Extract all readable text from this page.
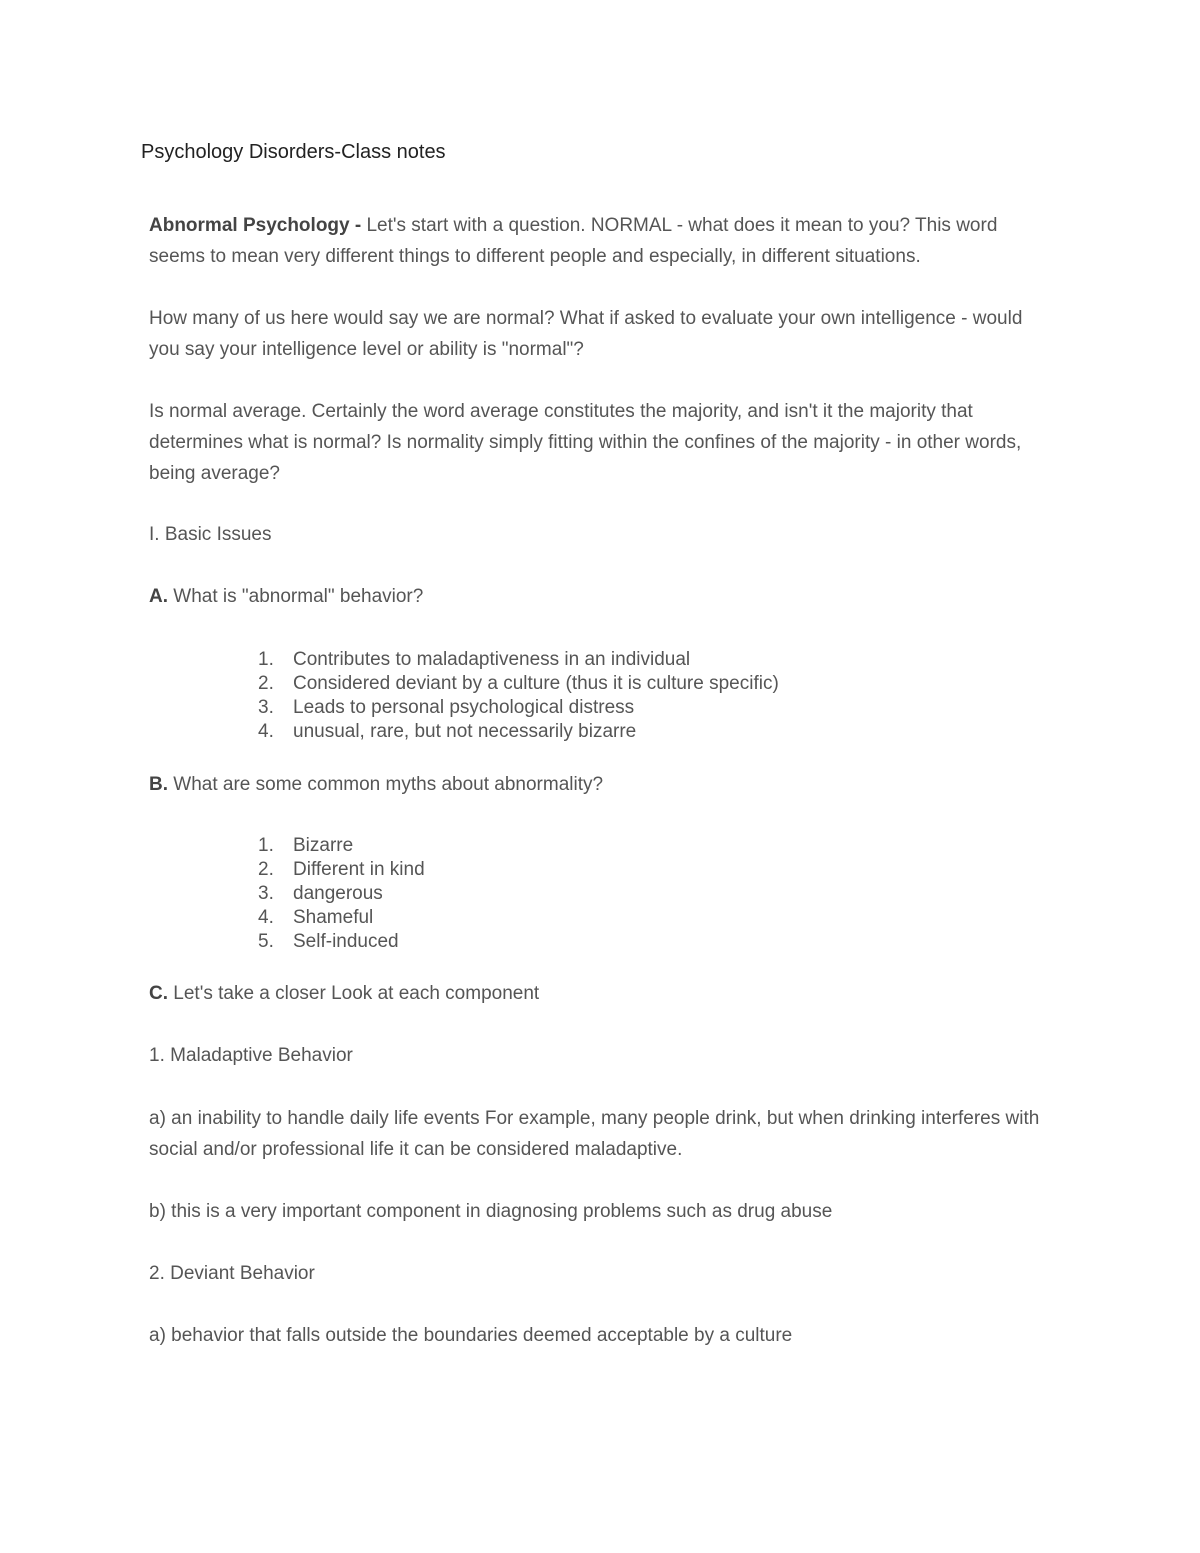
Psychology Disorders-Class notes
Abnormal Psychology - Let's start with a question. NORMAL - what does it mean to you? This word seems to mean very different things to different people and especially, in different situations.
How many of us here would say we are normal? What if asked to evaluate your own intelligence - would you say your intelligence level or ability is "normal"?
Is normal average. Certainly the word average constitutes the majority, and isn't it the majority that determines what is normal? Is normality simply fitting within the confines of the majority - in other words, being average?
I. Basic Issues
A. What is "abnormal" behavior?
1. Contributes to maladaptiveness in an individual
2. Considered deviant by a culture (thus it is culture specific)
3. Leads to personal psychological distress
4. unusual, rare, but not necessarily bizarre
B. What are some common myths about abnormality?
1. Bizarre
2. Different in kind
3. dangerous
4. Shameful
5. Self-induced
C. Let's take a closer Look at each component
1. Maladaptive Behavior
a) an inability to handle daily life events For example, many people drink, but when drinking interferes with social and/or professional life it can be considered maladaptive.
b) this is a very important component in diagnosing problems such as drug abuse
2. Deviant Behavior
a) behavior that falls outside the boundaries deemed acceptable by a culture
